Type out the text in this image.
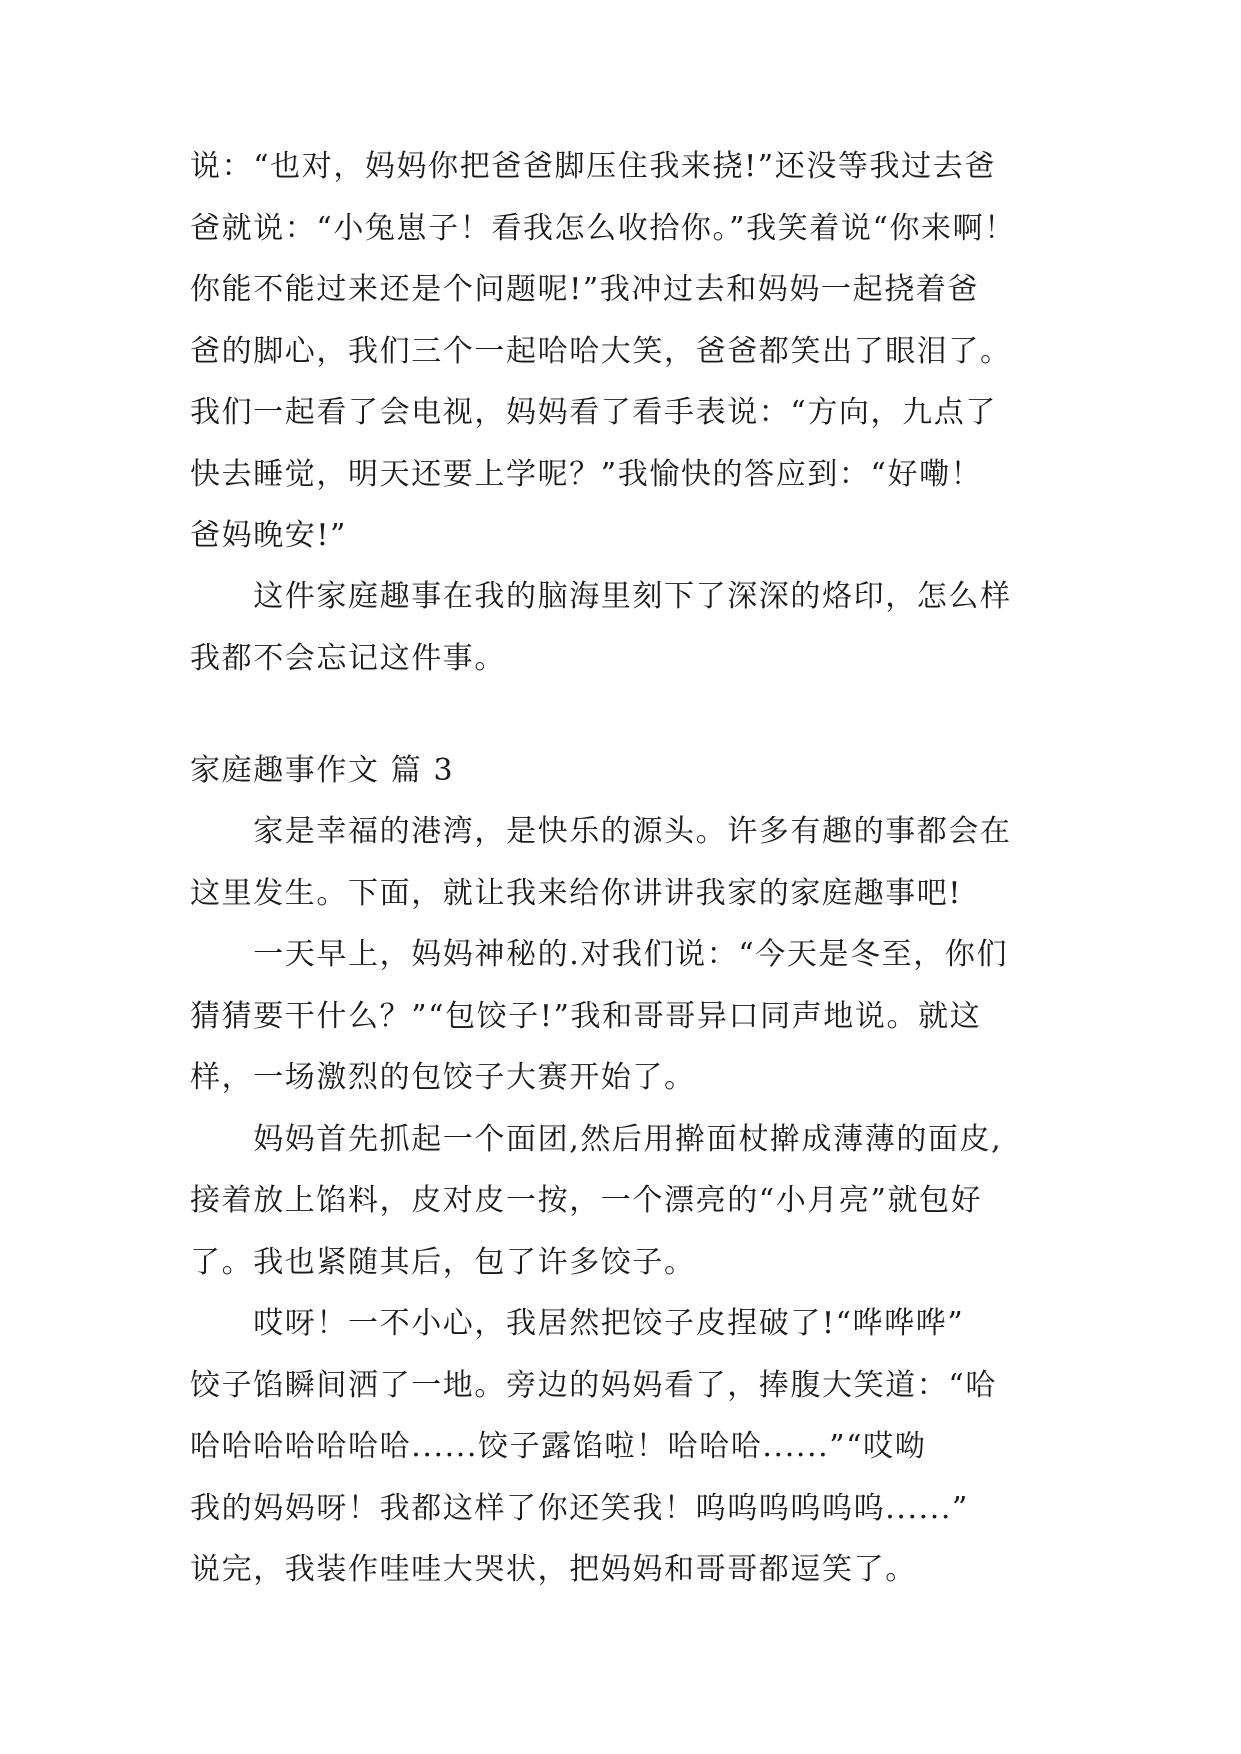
说：“也对，妈妈你把爸爸脚压住我来挠!”还没等我过去爸
爸就说：“小兔崽子！看我怎么收拾你。”我笑着说“你来啊！
你能不能过来还是个问题呢!”我冲过去和妈妈一起挠着爸
爸的脚心，我们三个一起哈哈大笑，爸爸都笑出了眼泪了。
我们一起看了会电视，妈妈看了看手表说：“方向，九点了
快去睡觉，明天还要上学呢？”我愉快的答应到：“好嘞！
爸妈晚安!”
　　这件家庭趣事在我的脑海里刻下了深深的烙印，怎么样
我都不会忘记这件事。
家庭趣事作文 篇 3
　　家是幸福的港湾，是快乐的源头。许多有趣的事都会在
这里发生。下面，就让我来给你讲讲我家的家庭趣事吧!
　　一天早上，妈妈神秘的.对我们说：“今天是冬至，你们
猜猜要干什么？”“包饺子!”我和哥哥异口同声地说。就这
样，一场激烈的包饺子大赛开始了。
　　妈妈首先抓起一个面团,然后用擀面杖擀成薄薄的面皮,
接着放上馅料，皮对皮一按，一个漂亮的“小月亮”就包好
了。我也紧随其后，包了许多饺子。
　　哎呀！一不小心，我居然把饺子皮捏破了!“哗哗哗”
饺子馅瞬间洒了一地。旁边的妈妈看了，捧腹大笑道：“哈
哈哈哈哈哈哈哈......饺子露馅啦！哈哈哈......”“哎呦
我的妈妈呀！我都这样了你还笑我！呜呜呜呜呜呜......”
说完，我装作哇哇大哭状，把妈妈和哥哥都逗笑了。
